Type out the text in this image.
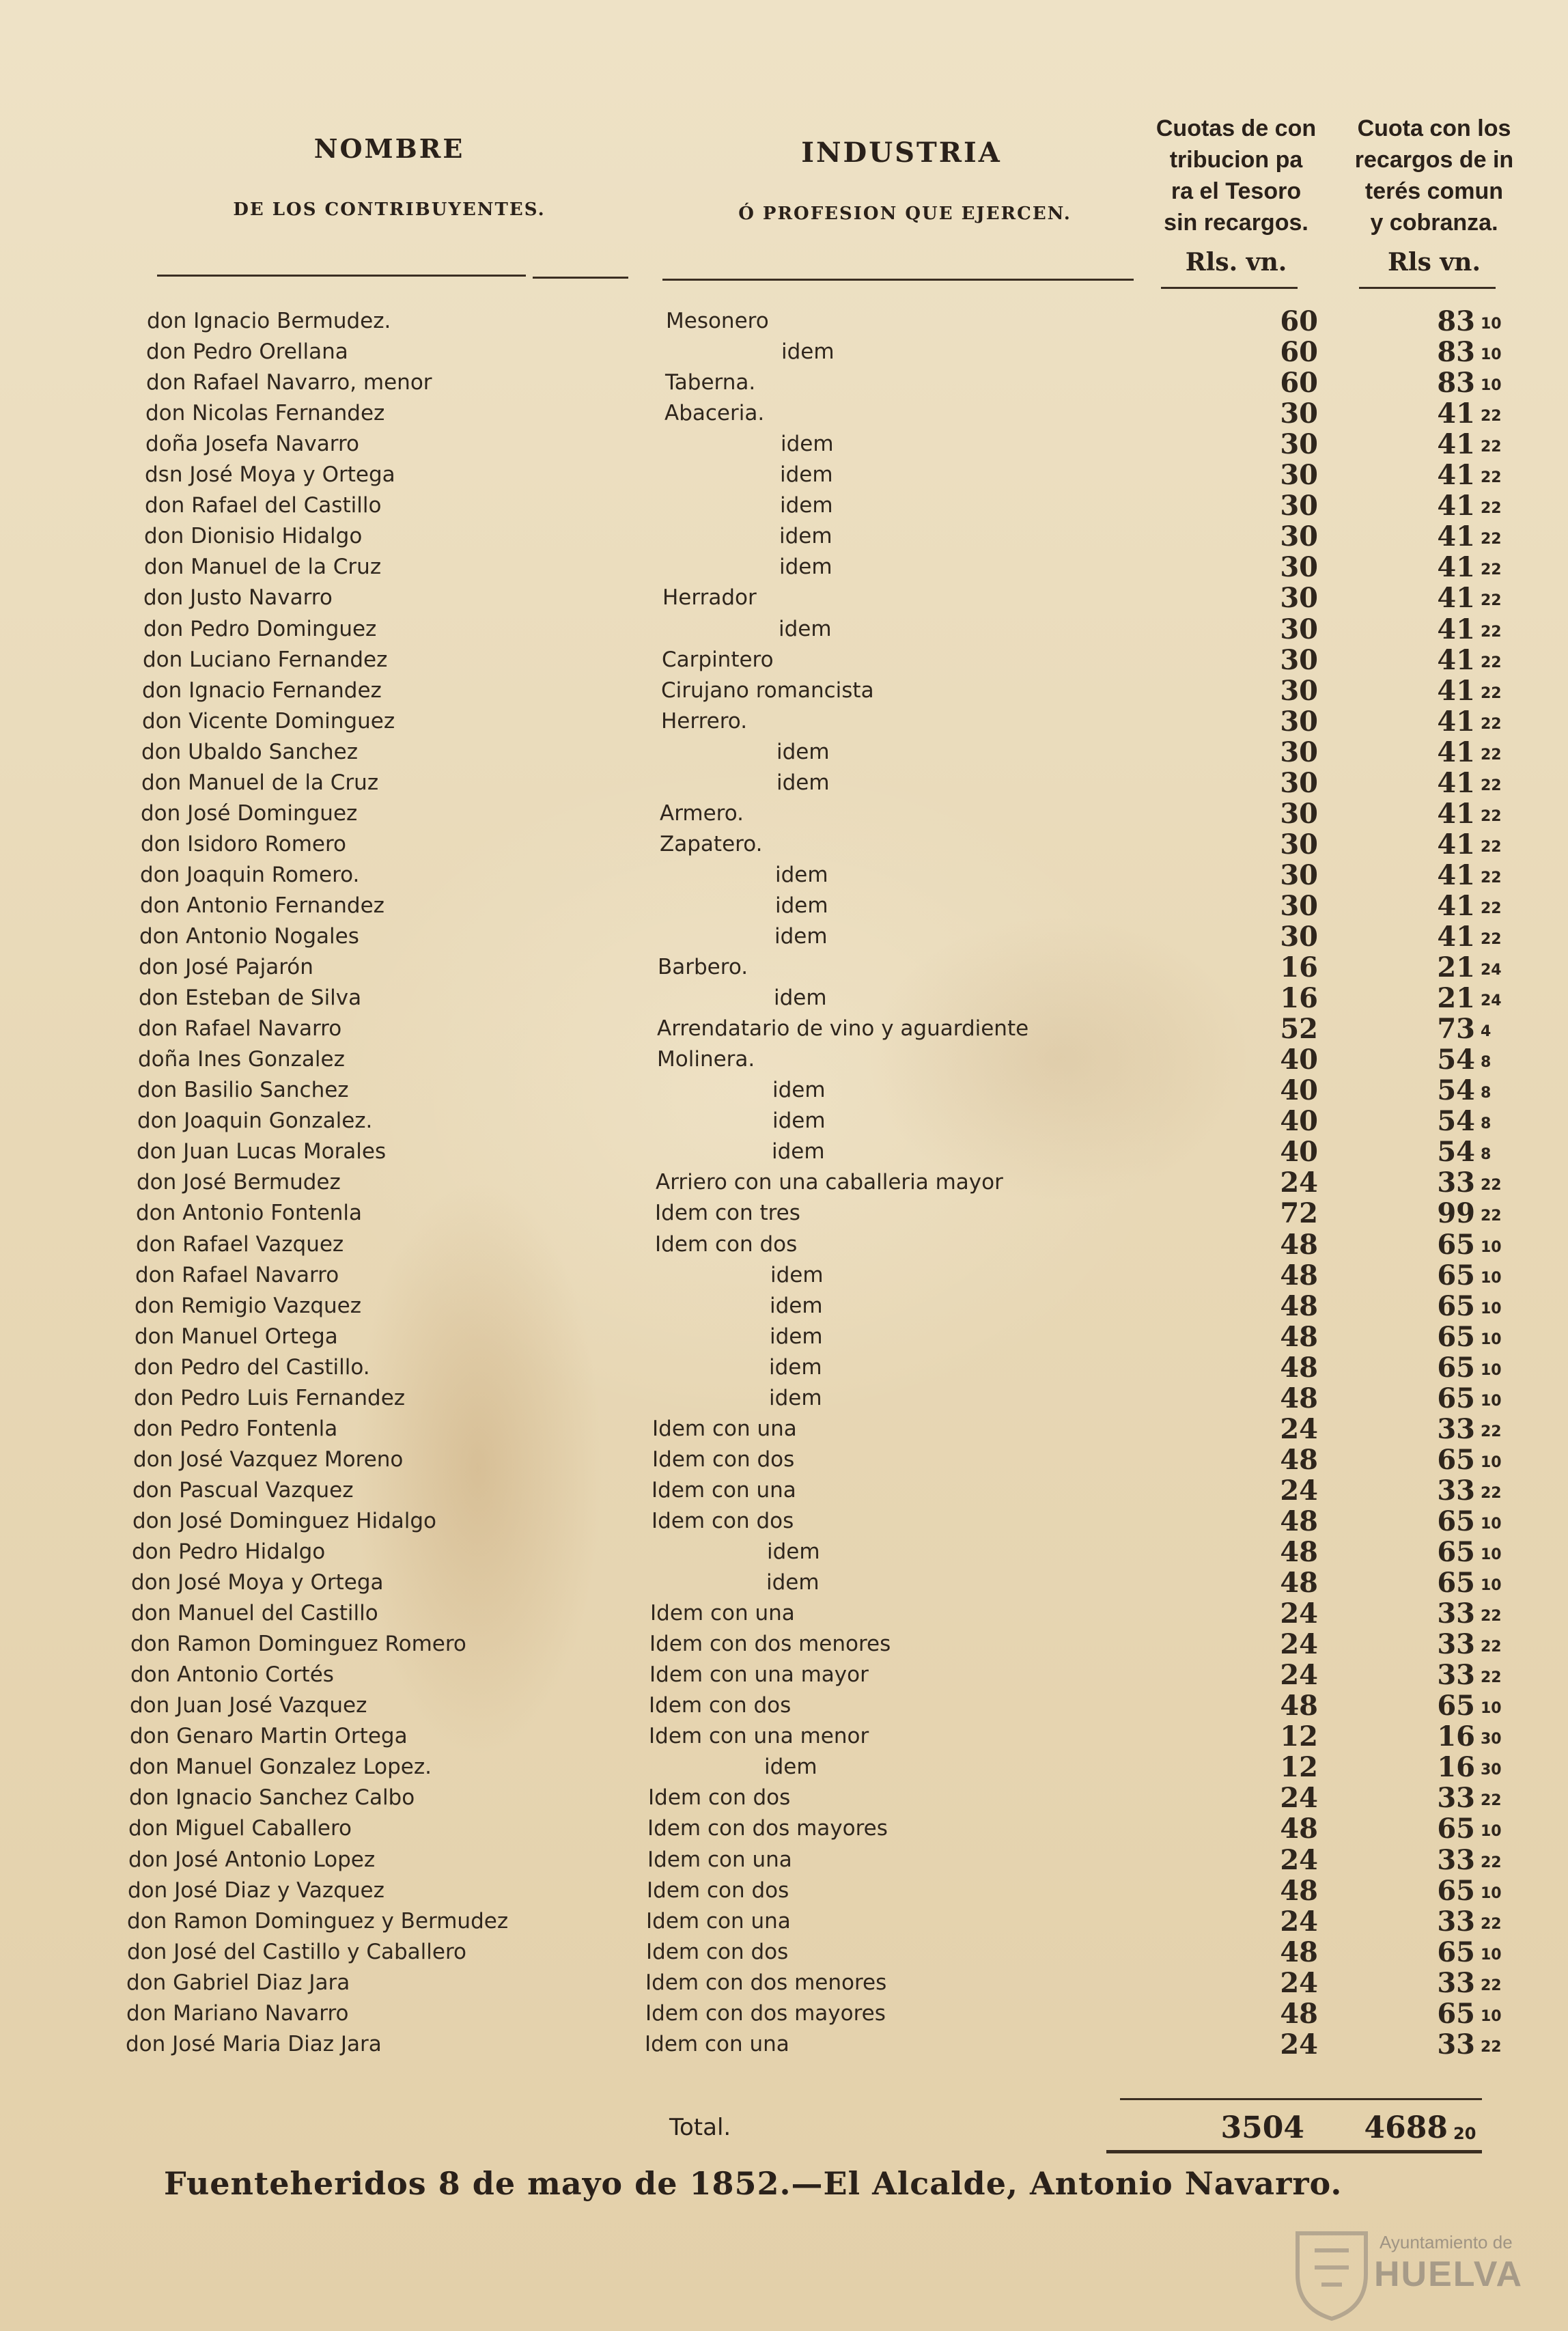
NOMBRE
DE LOS CONTRIBUYENTES.
INDUSTRIA
Ó PROFESION QUE EJERCEN.
Cuotas de con
tribucion pa
ra el Tesoro
sin recargos.
Cuota con los
recargos de in
terés comun
y cobranza.
Rls. vn.	Rls vn.
don Ignacio Bermudez.	Mesonero	60	83 10
don Pedro Orellana	idem	60	83 10
don Rafael Navarro, menor	Taberna.	60	83 10
don Nicolas Fernandez	Abaceria.	30	41 22
doña Josefa Navarro	idem	30	41 22
dsn José Moya y Ortega	idem	30	41 22
don Rafael del Castillo	idem	30	41 22
don Dionisio Hidalgo	idem	30	41 22
don Manuel de la Cruz	idem	30	41 22
don Justo Navarro	Herrador	30	41 22
don Pedro Dominguez	idem	30	41 22
don Luciano Fernandez	Carpintero	30	41 22
don Ignacio Fernandez	Cirujano romancista	30	41 22
don Vicente Dominguez	Herrero.	30	41 22
don Ubaldo Sanchez	idem	30	41 22
don Manuel de la Cruz	idem	30	41 22
don José Dominguez	Armero.	30	41 22
don Isidoro Romero	Zapatero.	30	41 22
don Joaquin Romero.	idem	30	41 22
don Antonio Fernandez	idem	30	41 22
don Antonio Nogales	idem	30	41 22
don José Pajarón	Barbero.	16	21 24
don Esteban de Silva	idem	16	21 24
don Rafael Navarro	Arrendatario de vino y aguardiente	52	73 4
doña Ines Gonzalez	Molinera.	40	54 8
don Basilio Sanchez	idem	40	54 8
don Joaquin Gonzalez.	idem	40	54 8
don Juan Lucas Morales	idem	40	54 8
don José Bermudez	Arriero con una caballeria mayor	24	33 22
don Antonio Fontenla	Idem con tres	72	99 22
don Rafael Vazquez	Idem con dos	48	65 10
don Rafael Navarro	idem	48	65 10
don Remigio Vazquez	idem	48	65 10
don Manuel Ortega	idem	48	65 10
don Pedro del Castillo.	idem	48	65 10
don Pedro Luis Fernandez	idem	48	65 10
don Pedro Fontenla	Idem con una	24	33 22
don José Vazquez Moreno	Idem con dos	48	65 10
don Pascual Vazquez	Idem con una	24	33 22
don José Dominguez Hidalgo	Idem con dos	48	65 10
don Pedro Hidalgo	idem	48	65 10
don José Moya y Ortega	idem	48	65 10
don Manuel del Castillo	Idem con una	24	33 22
don Ramon Dominguez Romero	Idem con dos menores	24	33 22
don Antonio Cortés	Idem con una mayor	24	33 22
don Juan José Vazquez	Idem con dos	48	65 10
don Genaro Martin Ortega	Idem con una menor	12	16 30
don Manuel Gonzalez Lopez.	idem	12	16 30
don Ignacio Sanchez Calbo	Idem con dos	24	33 22
don Miguel Caballero	Idem con dos mayores	48	65 10
don José Antonio Lopez	Idem con una	24	33 22
don José Diaz y Vazquez	Idem con dos	48	65 10
don Ramon Dominguez y Bermudez	Idem con una	24	33 22
don José del Castillo y Caballero	Idem con dos	48	65 10
don Gabriel Diaz Jara	Idem con dos menores	24	33 22
don Mariano Navarro	Idem con dos mayores	48	65 10
don José Maria Diaz Jara	Idem con una	24	33 22
Total.	3504	4688 20
Fuenteheridos 8 de mayo de 1852.—El Alcalde, Antonio Navarro.
Ayuntamiento de
HUELVA
